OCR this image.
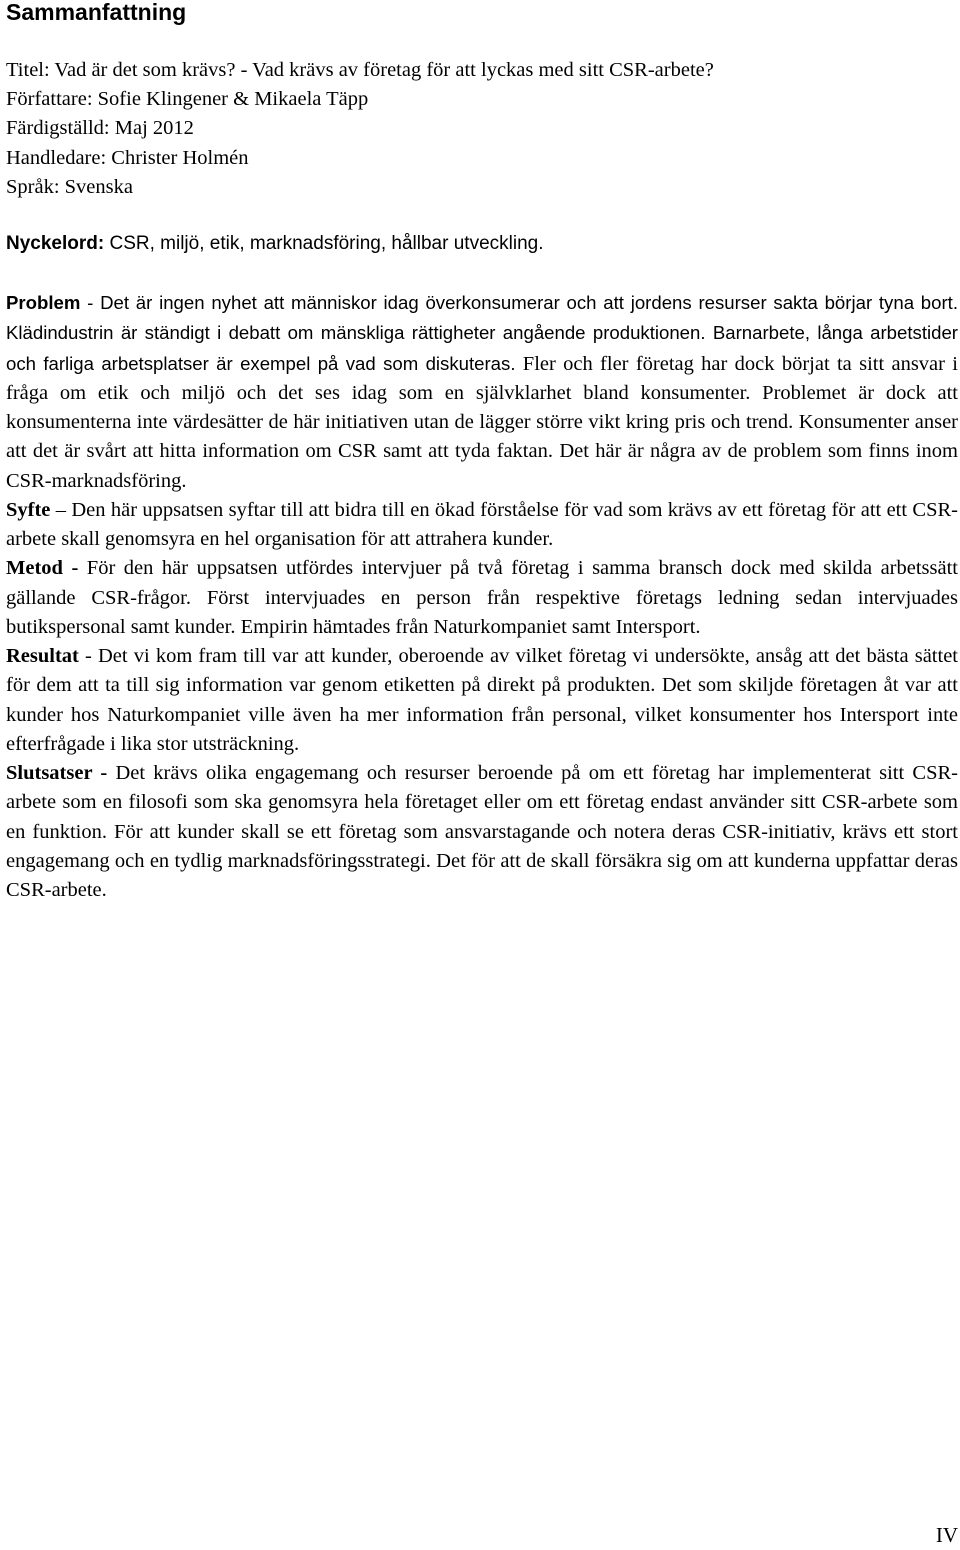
Sammanfattning
Titel: Vad är det som krävs? - Vad krävs av företag för att lyckas med sitt CSR-arbete?
Författare: Sofie Klingener & Mikaela Täpp
Färdigställd: Maj 2012
Handledare: Christer Holmén
Språk: Svenska
Nyckelord: CSR, miljö, etik, marknadsföring, hållbar utveckling.

Problem - Det är ingen nyhet att människor idag överkonsumerar och att jordens resurser sakta börjar tyna bort. Klädindustrin är ständigt i debatt om mänskliga rättigheter angående produktionen. Barnarbete, långa arbetstider och farliga arbetsplatser är exempel på vad som diskuteras. Fler och fler företag har dock börjat ta sitt ansvar i fråga om etik och miljö och det ses idag som en självklarhet bland konsumenter. Problemet är dock att konsumenterna inte värdesätter de här initiativen utan de lägger större vikt kring pris och trend. Konsumenter anser att det är svårt att hitta information om CSR samt att tyda faktan. Det här är några av de problem som finns inom CSR-marknadsföring.

Syfte – Den här uppsatsen syftar till att bidra till en ökad förståelse för vad som krävs av ett företag för att ett CSR-arbete skall genomsyra en hel organisation för att attrahera kunder.

Metod - För den här uppsatsen utfördes intervjuer på två företag i samma bransch dock med skilda arbetssätt gällande CSR-frågor. Först intervjuades en person från respektive företags ledning sedan intervjuades butikspersonal samt kunder. Empirin hämtades från Naturkompaniet samt Intersport.

Resultat - Det vi kom fram till var att kunder, oberoende av vilket företag vi undersökte, ansåg att det bästa sättet för dem att ta till sig information var genom etiketten på direkt på produkten. Det som skiljde företagen åt var att kunder hos Naturkompaniet ville även ha mer information från personal, vilket konsumenter hos Intersport inte efterfrågade i lika stor utsträckning.

Slutsatser - Det krävs olika engagemang och resurser beroende på om ett företag har implementerat sitt CSR-arbete som en filosofi som ska genomsyra hela företaget eller om ett företag endast använder sitt CSR-arbete som en funktion. För att kunder skall se ett företag som ansvarstagande och notera deras CSR-initiativ, krävs ett stort engagemang och en tydlig marknadsföringsstrategi. Det för att de skall försäkra sig om att kunderna uppfattar deras CSR-arbete.

IV
